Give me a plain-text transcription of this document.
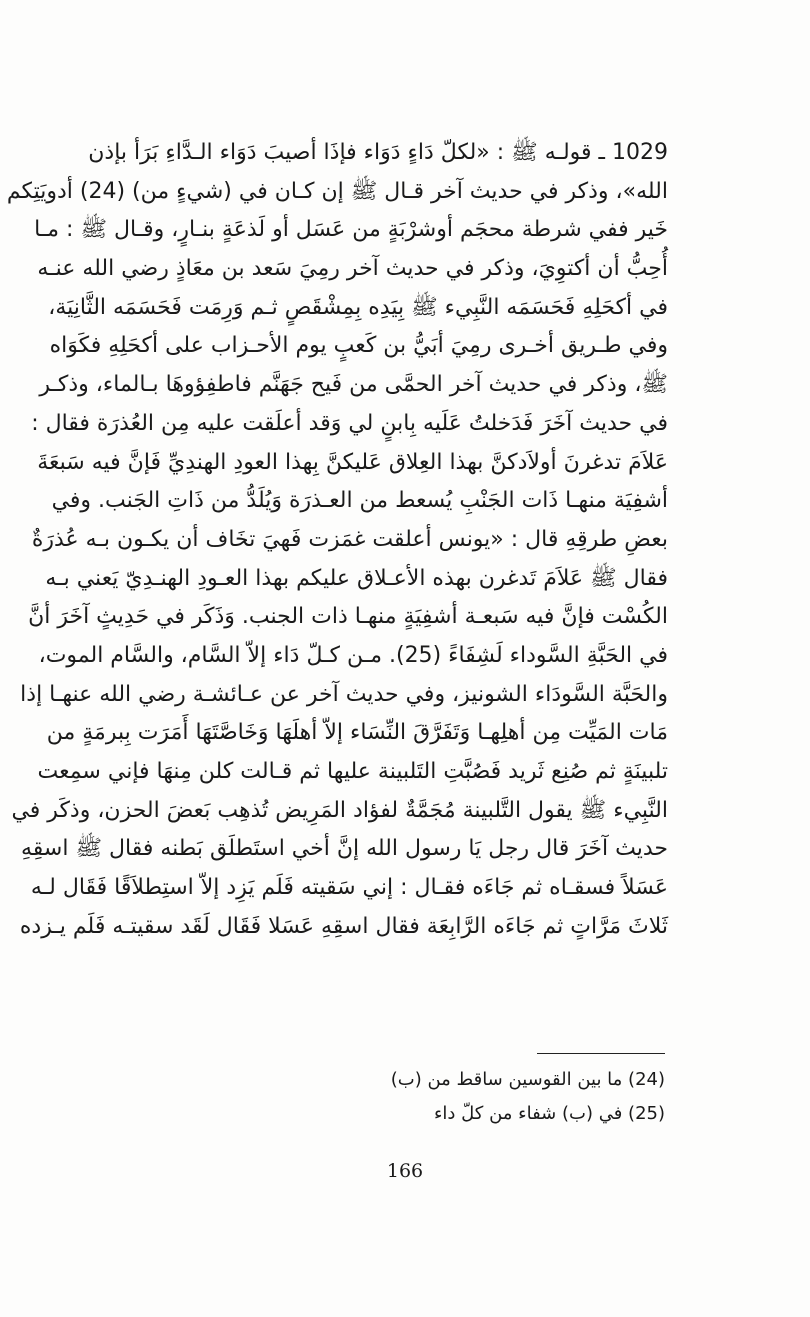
1029 ـ قولـه ﷺ : «لكلّ دَاءٍ دَوَاء فإذَا أصيبَ دَوَاء الـدَّاءِ بَرَأ بإذن
الله»، وذكر في حديث آخر قـال ﷺ إن كـان في (شيءٍ من) (24) أدويَتِكم
خَير ففي شرطة محجَم أوشرْبَةٍ من عَسَل أو لَذعَةٍ بنـارٍ، وقـال ﷺ : مـا
أُحِبُّ أن أكتوِيَ، وذكر في حديث آخر رمِيَ سَعد بن معَاذٍ رضي الله عنـه
في أكحَلِهِ فَحَسَمَه النَّبِيء ﷺ بِيَدِه بِمِشْقَصٍ ثـم وَرِمَت فَحَسَمَه الثَّانِيَة،
وفي طـريق أخـرى رمِيَ أبَيُّ بن كَعبٍ يوم الأحـزاب على أكحَلِهِ فكَوَاه
ﷺ، وذكر في حديث آخر الحمَّى من فَيح جَهَنَّم فاطفِؤوهَا بـالماء، وذكـر
في حديث آخَرَ فَدَخلتُ عَلَيه بِابنٍ لي وَقد أعلَقت عليه مِن العُذرَة فقال :
عَلاَمَ تدغرنَ أولاَدكنَّ بهذا العِلاق عَليكنَّ بِهذا العودِ الهندِيِّ فَإنَّ فيه سَبعَةَ
أشفِيَة منهـا ذَات الجَنْبِ يُسعط من العـذرَة وَيُلَدُّ من ذَاتِ الجَنب. وفي
بعضِ طرقِهِ قال : «يونس أعلقت غمَزت فَهيَ تخَاف أن يكـون بـه عُذرَةٌ
فقال ﷺ عَلاَمَ تَدغرن بهذه الأعـلاق عليكم بهذا العـودِ الهنـدِيّ يَعني بـه
الكُسْت فإنَّ فيه سَبعـة أشفِيَةٍ منهـا ذات الجنب. وَذَكَر في حَدِيثٍ آخَرَ أنَّ
في الحَبَّةِ السَّوداء لَشِفَاءً (25). مـن كـلّ دَاء إلاّ السَّام، والسَّام الموت،
والحَبَّة السَّودَاء الشونيز، وفي حديث آخر عن عـائشـة رضي الله عنهـا إذا
مَات المَيِّت مِن أهلِهـا وَتَفَرَّقَ النِّسَاء إلاّ أهلَهَا وَخَاصَّتَهَا أَمَرَت بِبرمَةٍ من
تلبينَةٍ ثم صُنِع ثَريد فَصُبَّتِ التَلبينة عليها ثم قـالت كلن مِنهَا فإني سمِعت
النَّبِيء ﷺ يقول التَّلبينة مُجَمَّةٌ لفؤاد المَرِيض تُذهِب بَعضَ الحزن، وذكَر في
حديث آخَرَ قال رجل يَا رسول الله إنَّ أخي استَطلَق بَطنه فقال ﷺ اسقِهِ
عَسَلاً فسقـاه ثم جَاءَه فقـال : إني سَقيته فَلَم يَزِد إلاّ استِطلاَقًا فَقَال لـه
ثَلاثَ مَرَّاتٍ ثم جَاءَه الرَّابِعَة فقال اسقِهِ عَسَلا فَقَال لَقَد سقيتـه فَلَم يـزده
(24) ما بين القوسين ساقط من (ب)
(25) في (ب) شفاء من كلّ داء
166
